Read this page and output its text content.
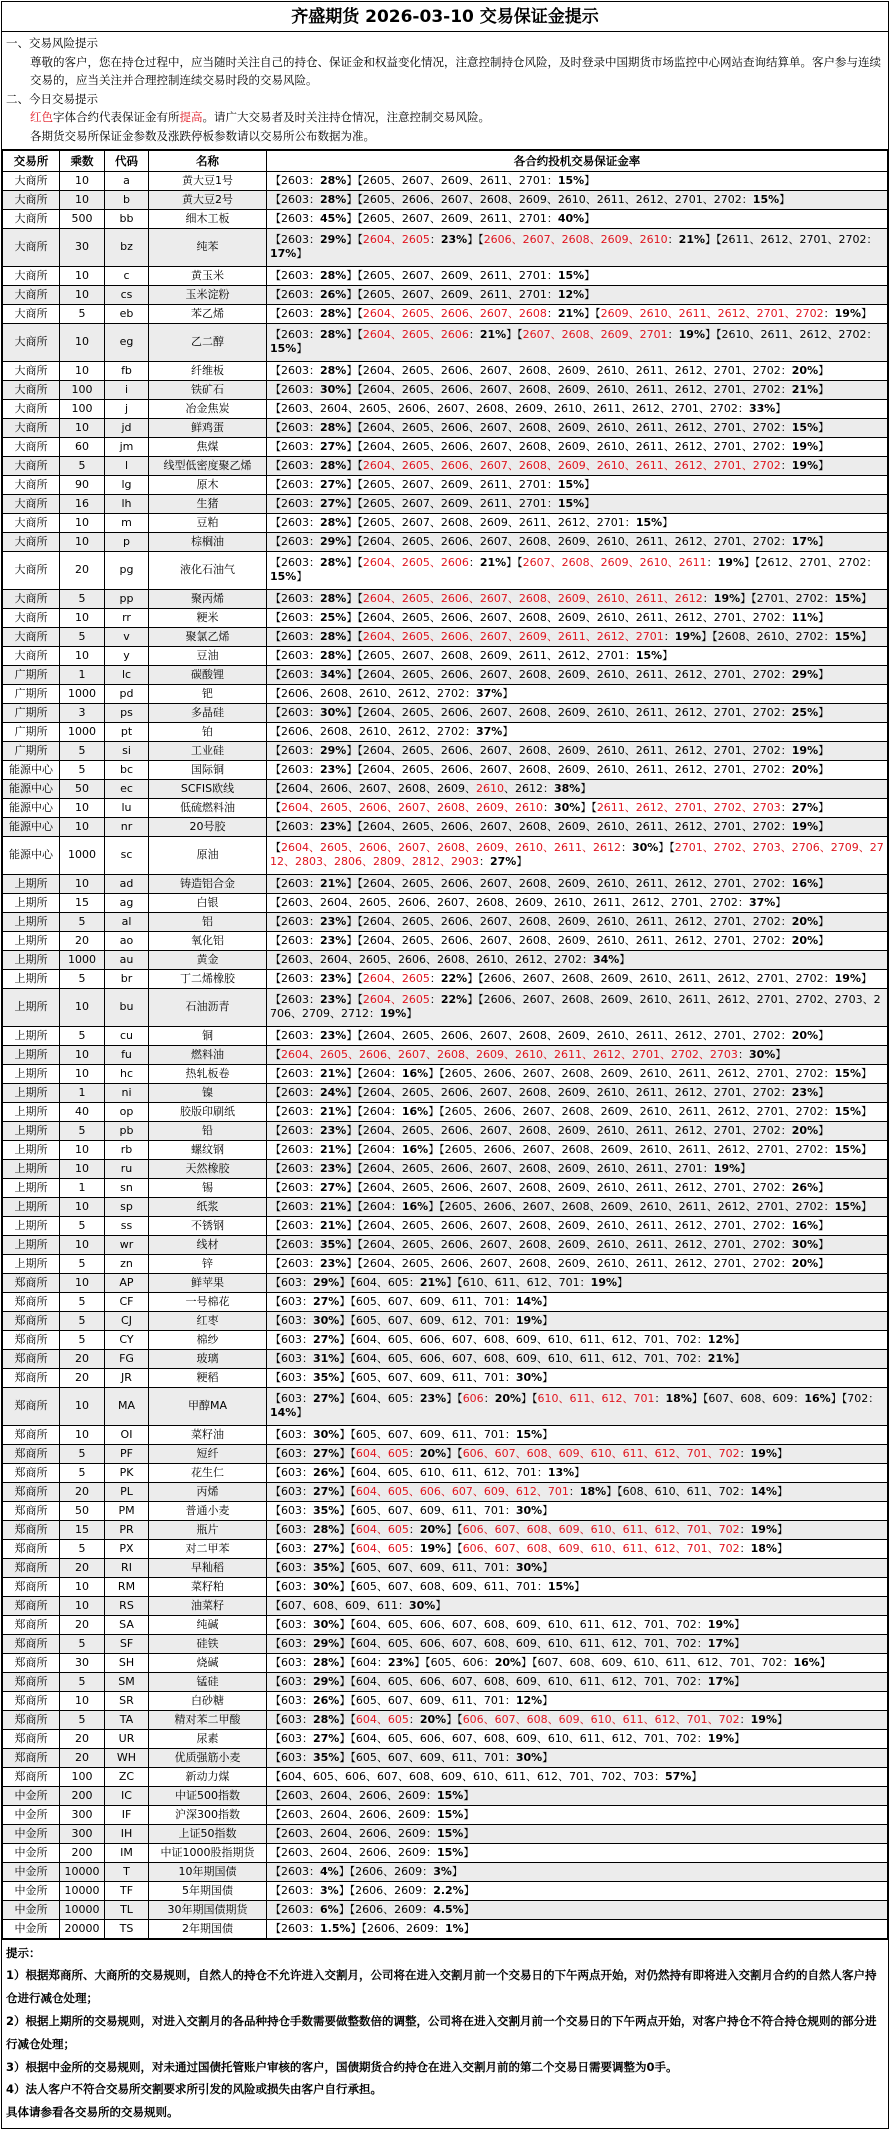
齐盛期货 2026-03-10 交易保证金提示

一、交易风险提示

尊敬的客户，您在持仓过程中，应当随时关注自己的持仓、保证金和权益变化情况，注意控制持仓风险，及时登录中国期货市场监控中心网站查询结算单。客户参与连续交易的，应当关注并合理控制连续交易时段的交易风险。

二、今日交易提示

红色字体合约代表保证金有所提高。请广大交易者及时关注持仓情况，注意控制交易风险。

各期货交易所保证金参数及涨跌停板参数请以交易所公布数据为准。

交易所	乘数	代码	名称	各合约投机交易保证金率
大商所	10	a	黄大豆1号	【2603：28%】【2605、2607、2609、2611、2701：15%】
大商所	10	b	黄大豆2号	【2603：28%】【2605、2606、2607、2608、2609、2610、2611、2612、2701、2702：15%】
大商所	500	bb	细木工板	【2603：45%】【2605、2607、2609、2611、2701：40%】
大商所	30	bz	纯苯	【2603：29%】【2604、2605：23%】【2606、2607、2608、2609、2610：21%】【2611、2612、2701、2702：17%】
大商所	10	c	黄玉米	【2603：28%】【2605、2607、2609、2611、2701：15%】
大商所	10	cs	玉米淀粉	【2603：26%】【2605、2607、2609、2611、2701：12%】
大商所	5	eb	苯乙烯	【2603：28%】【2604、2605、2606、2607、2608：21%】【2609、2610、2611、2612、2701、2702：19%】
大商所	10	eg	乙二醇	【2603：28%】【2604、2605、2606：21%】【2607、2608、2609、2701：19%】【2610、2611、2612、2702：15%】
大商所	10	fb	纤维板	【2603：28%】【2604、2605、2606、2607、2608、2609、2610、2611、2612、2701、2702：20%】
大商所	100	i	铁矿石	【2603：30%】【2604、2605、2606、2607、2608、2609、2610、2611、2612、2701、2702：21%】
大商所	100	j	冶金焦炭	【2603、2604、2605、2606、2607、2608、2609、2610、2611、2612、2701、2702：33%】
大商所	10	jd	鲜鸡蛋	【2603：28%】【2604、2605、2606、2607、2608、2609、2610、2611、2612、2701、2702：15%】
大商所	60	jm	焦煤	【2603：27%】【2604、2605、2606、2607、2608、2609、2610、2611、2612、2701、2702：19%】
大商所	5	l	线型低密度聚乙烯	【2603：28%】【2604、2605、2606、2607、2608、2609、2610、2611、2612、2701、2702：19%】
大商所	90	lg	原木	【2603：27%】【2605、2607、2609、2611、2701：15%】
大商所	16	lh	生猪	【2603：27%】【2605、2607、2609、2611、2701：15%】
大商所	10	m	豆粕	【2603：28%】【2605、2607、2608、2609、2611、2612、2701：15%】
大商所	10	p	棕榈油	【2603：29%】【2604、2605、2606、2607、2608、2609、2610、2611、2612、2701、2702：17%】
大商所	20	pg	液化石油气	【2603：28%】【2604、2605、2606：21%】【2607、2608、2609、2610、2611：19%】【2612、2701、2702：15%】
大商所	5	pp	聚丙烯	【2603：28%】【2604、2605、2606、2607、2608、2609、2610、2611、2612：19%】【2701、2702：15%】
大商所	10	rr	粳米	【2603：25%】【2604、2605、2606、2607、2608、2609、2610、2611、2612、2701、2702：11%】
大商所	5	v	聚氯乙烯	【2603：28%】【2604、2605、2606、2607、2609、2611、2612、2701：19%】【2608、2610、2702：15%】
大商所	10	y	豆油	【2603：28%】【2605、2607、2608、2609、2611、2612、2701：15%】
广期所	1	lc	碳酸锂	【2603：34%】【2604、2605、2606、2607、2608、2609、2610、2611、2612、2701、2702：29%】
广期所	1000	pd	钯	【2606、2608、2610、2612、2702：37%】
广期所	3	ps	多晶硅	【2603：30%】【2604、2605、2606、2607、2608、2609、2610、2611、2612、2701、2702：25%】
广期所	1000	pt	铂	【2606、2608、2610、2612、2702：37%】
广期所	5	si	工业硅	【2603：29%】【2604、2605、2606、2607、2608、2609、2610、2611、2612、2701、2702：19%】
能源中心	5	bc	国际铜	【2603：23%】【2604、2605、2606、2607、2608、2609、2610、2611、2612、2701、2702：20%】
能源中心	50	ec	SCFIS欧线	【2604、2606、2607、2608、2609、2610、2612：38%】
能源中心	10	lu	低硫燃料油	【2604、2605、2606、2607、2608、2609、2610：30%】【2611、2612、2701、2702、2703：27%】
能源中心	10	nr	20号胶	【2603：23%】【2604、2605、2606、2607、2608、2609、2610、2611、2612、2701、2702：19%】
能源中心	1000	sc	原油	【2604、2605、2606、2607、2608、2609、2610、2611、2612：30%】【2701、2702、2703、2706、2709、2712、2803、2806、2809、2812、2903：27%】
上期所	10	ad	铸造铝合金	【2603：21%】【2604、2605、2606、2607、2608、2609、2610、2611、2612、2701、2702：16%】
上期所	15	ag	白银	【2603、2604、2605、2606、2607、2608、2609、2610、2611、2612、2701、2702：37%】
上期所	5	al	铝	【2603：23%】【2604、2605、2606、2607、2608、2609、2610、2611、2612、2701、2702：20%】
上期所	20	ao	氧化铝	【2603：23%】【2604、2605、2606、2607、2608、2609、2610、2611、2612、2701、2702：20%】
上期所	1000	au	黄金	【2603、2604、2605、2606、2608、2610、2612、2702：34%】
上期所	5	br	丁二烯橡胶	【2603：23%】【2604、2605：22%】【2606、2607、2608、2609、2610、2611、2612、2701、2702：19%】
上期所	10	bu	石油沥青	【2603：23%】【2604、2605：22%】【2606、2607、2608、2609、2610、2611、2612、2701、2702、2703、2706、2709、2712：19%】
上期所	5	cu	铜	【2603：23%】【2604、2605、2606、2607、2608、2609、2610、2611、2612、2701、2702：20%】
上期所	10	fu	燃料油	【2604、2605、2606、2607、2608、2609、2610、2611、2612、2701、2702、2703：30%】
上期所	10	hc	热轧板卷	【2603：21%】【2604：16%】【2605、2606、2607、2608、2609、2610、2611、2612、2701、2702：15%】
上期所	1	ni	镍	【2603：24%】【2604、2605、2606、2607、2608、2609、2610、2611、2612、2701、2702：23%】
上期所	40	op	胶版印刷纸	【2603：21%】【2604：16%】【2605、2606、2607、2608、2609、2610、2611、2612、2701、2702：15%】
上期所	5	pb	铅	【2603：23%】【2604、2605、2606、2607、2608、2609、2610、2611、2612、2701、2702：20%】
上期所	10	rb	螺纹钢	【2603：21%】【2604：16%】【2605、2606、2607、2608、2609、2610、2611、2612、2701、2702：15%】
上期所	10	ru	天然橡胶	【2603：23%】【2604、2605、2606、2607、2608、2609、2610、2611、2701：19%】
上期所	1	sn	锡	【2603：27%】【2604、2605、2606、2607、2608、2609、2610、2611、2612、2701、2702：26%】
上期所	10	sp	纸浆	【2603：21%】【2604：16%】【2605、2606、2607、2608、2609、2610、2611、2612、2701、2702：15%】
上期所	5	ss	不锈钢	【2603：21%】【2604、2605、2606、2607、2608、2609、2610、2611、2612、2701、2702：16%】
上期所	10	wr	线材	【2603：35%】【2604、2605、2606、2607、2608、2609、2610、2611、2612、2701、2702：30%】
上期所	5	zn	锌	【2603：23%】【2604、2605、2606、2607、2608、2609、2610、2611、2612、2701、2702：20%】
郑商所	10	AP	鲜苹果	【603：29%】【604、605：21%】【610、611、612、701：19%】
郑商所	5	CF	一号棉花	【603：27%】【605、607、609、611、701：14%】
郑商所	5	CJ	红枣	【603：30%】【605、607、609、612、701：19%】
郑商所	5	CY	棉纱	【603：27%】【604、605、606、607、608、609、610、611、612、701、702：12%】
郑商所	20	FG	玻璃	【603：31%】【604、605、606、607、608、609、610、611、612、701、702：21%】
郑商所	20	JR	粳稻	【603：35%】【605、607、609、611、701：30%】
郑商所	10	MA	甲醇MA	【603：27%】【604、605：23%】【606：20%】【610、611、612、701：18%】【607、608、609：16%】【702：14%】
郑商所	10	OI	菜籽油	【603：30%】【605、607、609、611、701：15%】
郑商所	5	PF	短纤	【603：27%】【604、605：20%】【606、607、608、609、610、611、612、701、702：19%】
郑商所	5	PK	花生仁	【603：26%】【604、605、610、611、612、701：13%】
郑商所	20	PL	丙烯	【603：27%】【604、605、606、607、609、612、701：18%】【608、610、611、702：14%】
郑商所	50	PM	普通小麦	【603：35%】【605、607、609、611、701：30%】
郑商所	15	PR	瓶片	【603：28%】【604、605：20%】【606、607、608、609、610、611、612、701、702：19%】
郑商所	5	PX	对二甲苯	【603：27%】【604、605：19%】【606、607、608、609、610、611、612、701、702：18%】
郑商所	20	RI	早籼稻	【603：35%】【605、607、609、611、701：30%】
郑商所	10	RM	菜籽粕	【603：30%】【605、607、608、609、611、701：15%】
郑商所	10	RS	油菜籽	【607、608、609、611：30%】
郑商所	20	SA	纯碱	【603：30%】【604、605、606、607、608、609、610、611、612、701、702：19%】
郑商所	5	SF	硅铁	【603：29%】【604、605、606、607、608、609、610、611、612、701、702：17%】
郑商所	30	SH	烧碱	【603：28%】【604：23%】【605、606：20%】【607、608、609、610、611、612、701、702：16%】
郑商所	5	SM	锰硅	【603：29%】【604、605、606、607、608、609、610、611、612、701、702：17%】
郑商所	10	SR	白砂糖	【603：26%】【605、607、609、611、701：12%】
郑商所	5	TA	精对苯二甲酸	【603：28%】【604、605：20%】【606、607、608、609、610、611、612、701、702：19%】
郑商所	20	UR	尿素	【603：27%】【604、605、606、607、608、609、610、611、612、701、702：19%】
郑商所	20	WH	优质强筋小麦	【603：35%】【605、607、609、611、701：30%】
郑商所	100	ZC	新动力煤	【604、605、606、607、608、609、610、611、612、701、702、703：57%】
中金所	200	IC	中证500指数	【2603、2604、2606、2609：15%】
中金所	300	IF	沪深300指数	【2603、2604、2606、2609：15%】
中金所	300	IH	上证50指数	【2603、2604、2606、2609：15%】
中金所	200	IM	中证1000股指期货	【2603、2604、2606、2609：15%】
中金所	10000	T	10年期国债	【2603：4%】【2606、2609：3%】
中金所	10000	TF	5年期国债	【2603：3%】【2606、2609：2.2%】
中金所	10000	TL	30年期国债期货	【2603：6%】【2606、2609：4.5%】
中金所	20000	TS	2年期国债	【2603：1.5%】【2606、2609：1%】

提示：

1）根据郑商所、大商所的交易规则，自然人的持仓不允许进入交割月，公司将在进入交割月前一个交易日的下午两点开始，对仍然持有即将进入交割月合约的自然人客户持仓进行减仓处理；

2）根据上期所的交易规则，对进入交割月的各品种持仓手数需要做整数倍的调整，公司将在进入交割月前一个交易日的下午两点开始，对客户持仓不符合持仓规则的部分进行减仓处理；

3）根据中金所的交易规则，对未通过国债托管账户审核的客户，国债期货合约持仓在进入交割月前的第二个交易日需要调整为0手。

4）法人客户不符合交易所交割要求所引发的风险或损失由客户自行承担。

具体请参看各交易所的交易规则。
